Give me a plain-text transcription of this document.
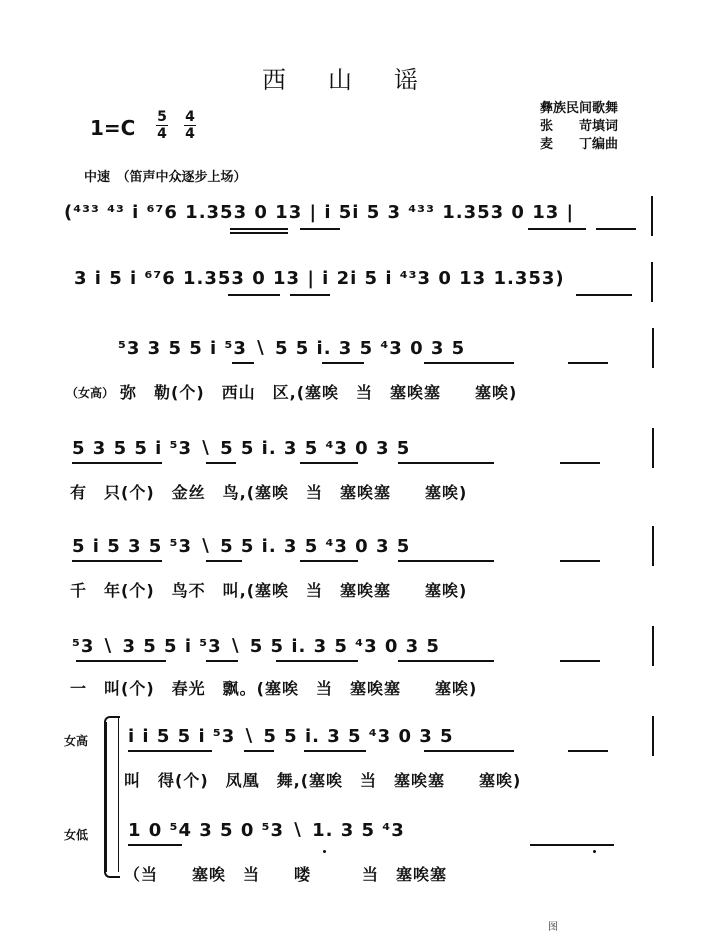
西山谣
1=C 5
4
4
4
彝族民间歌舞
张　　苛填词
麦　　丁编曲
中速　（笛声中众逐步上场）
(⁴³³ ⁴³ i ⁶⁷6 1.353 0 13 | i 5i 5 3 ⁴³³ 1.353 0 13 |
3 i 5 i ⁶⁷6 1.353 0 13 | i 2i 5 i ⁴³3 0 13 1.353)
⁵3 3 5 5 i ⁵3 ∖ 5 5 i. 3 5 ⁴3 0 3 5
（女高） 弥　勒(个)　西山　区,(塞唉　当　塞唉塞　　塞唉)
5 3 5 5 i ⁵3 ∖ 5 5 i. 3 5 ⁴3 0 3 5
有　只(个)　金丝　鸟,(塞唉　当　塞唉塞　　塞唉)
5 i 5 3 5 ⁵3 ∖ 5 5 i. 3 5 ⁴3 0 3 5
千　年(个)　鸟不　叫,(塞唉　当　塞唉塞　　塞唉)
⁵3 ∖ 3 5 5 i ⁵3 ∖ 5 5 i. 3 5 ⁴3 0 3 5
一　叫(个)　春光　飘。(塞唉　当　塞唉塞　　塞唉)
女高 i i 5 5 i ⁵3 ∖ 5 5 i. 3 5 ⁴3 0 3 5
叫　得(个)　凤凰　舞,(塞唉　当　塞唉塞　　塞唉)
女低 1 0 ⁵4 3 5 0 ⁵3 ∖ 1. 3 5 ⁴3
（当　　塞唉　当　　喽　　　当　塞唉塞
图
